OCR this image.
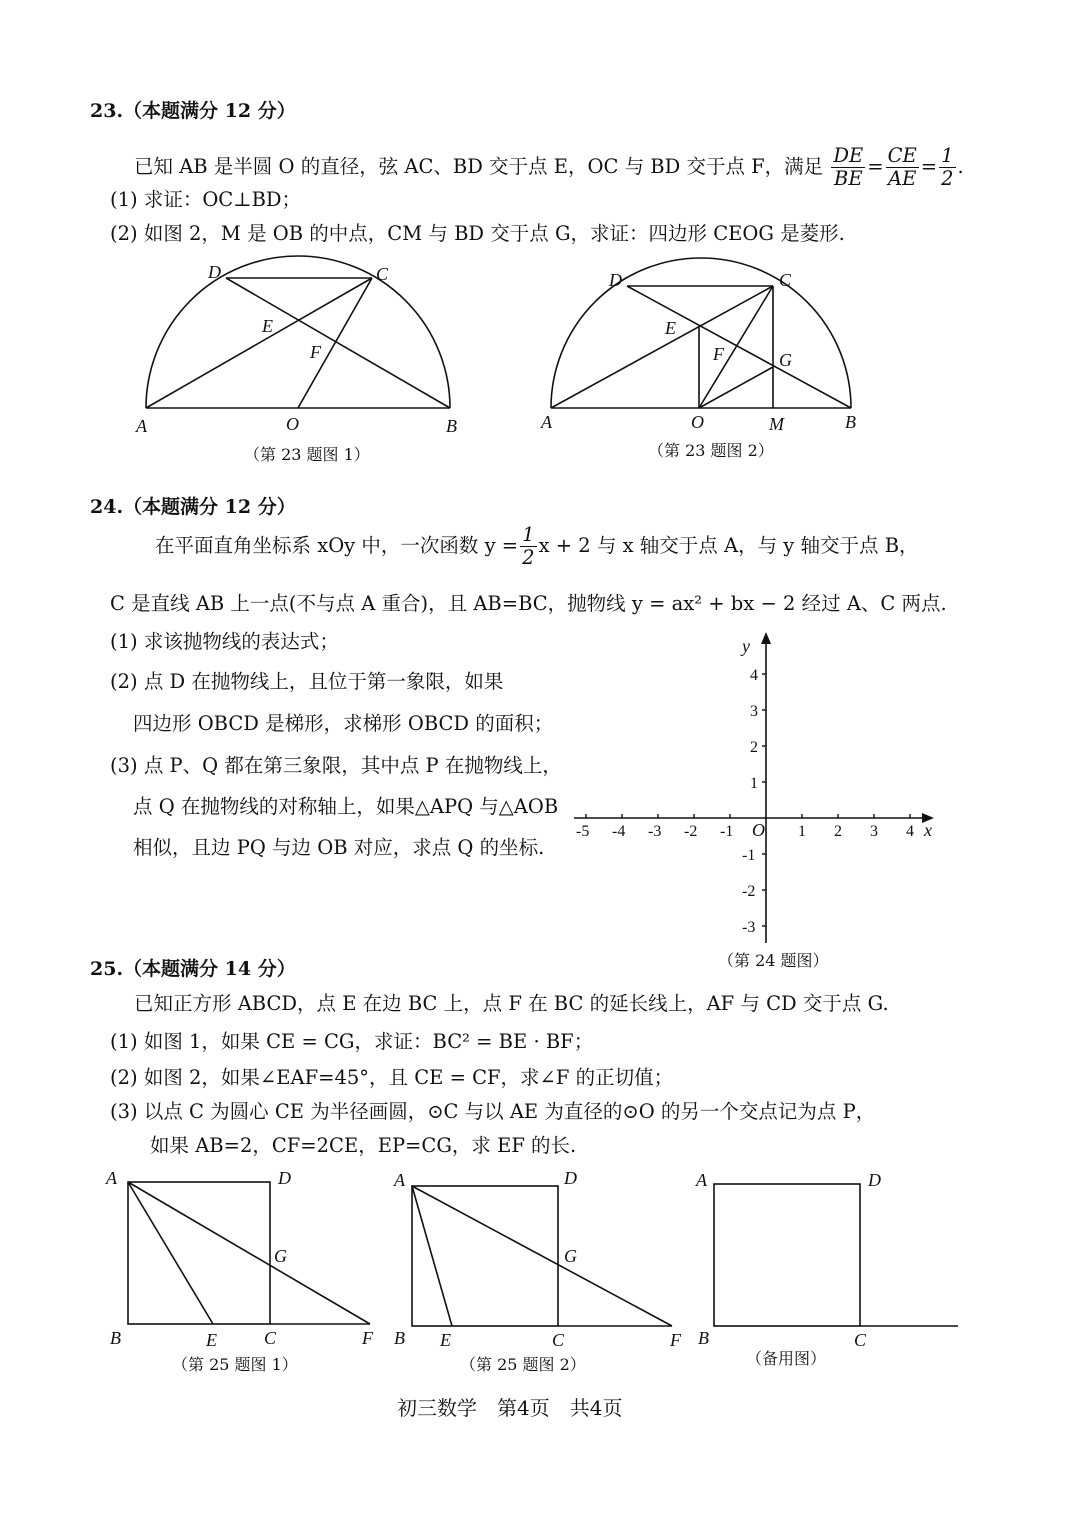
23.（本题满分 12 分）
已知 AB 是半圆 O 的直径，弦 AC、BD 交于点 E，OC 与 BD 交于点 F，满足 $\frac{DE}{BE} = \frac{CE}{AE} = \frac{1}{2}$ .
(1) 求证：OC⊥BD；
(2) 如图 2，M 是 OB 的中点，CM 与 BD 交于点 G，求证：四边形 CEOG 是菱形.
A	B
C
D
E
F
O
（第 23 题图 1）
A	B
C
D
E
F	G
O	M
（第 23 题图 2）
24.（本题满分 12 分）
在平面直角坐标系 xOy 中，一次函数 $y = \frac{1}{2}$ x + 2 与 x 轴交于点 A，与 y 轴交于点 B，
C 是直线 AB 上一点(不与点 A 重合)，且 AB=BC，抛物线 y = ax² + bx − 2 经过 A、C 两点.
(1) 求该抛物线的表达式；
(2) 点 D 在抛物线上，且位于第一象限，如果
四边形 OBCD 是梯形，求梯形 OBCD 的面积；
(3) 点 P、Q 都在第三象限，其中点 P 在抛物线上，
点 Q 在抛物线的对称轴上，如果△APQ 与△AOB
相似，且边 PQ 与边 OB 对应，求点 Q 的坐标.
x
y
O
-5 -4 -3 -2 -1	1 2 3 4
4
3
2
1
-1
-2
-3
（第 24 题图）
25.（本题满分 14 分）
已知正方形 ABCD，点 E 在边 BC 上，点 F 在 BC 的延长线上，AF 与 CD 交于点 G.
(1) 如图 1，如果 CE = CG，求证：BC² = BE · BF；
(2) 如图 2，如果∠EAF=45°，且 CE = CF，求∠F 的正切值；
(3) 以点 C 为圆心 CE 为半径画圆，⊙C 与以 AE 为直径的⊙O 的另一个交点记为点 P，
如果 AB=2，CF=2CE，EP=CG，求 EF 的长.
A	D
B	E	C	F
G
（第 25 题图 1）
A	D
B E	C	F
G
（第 25 题图 2）
A	D
B	C
（备用图）
初三数学　第4页　共4页
